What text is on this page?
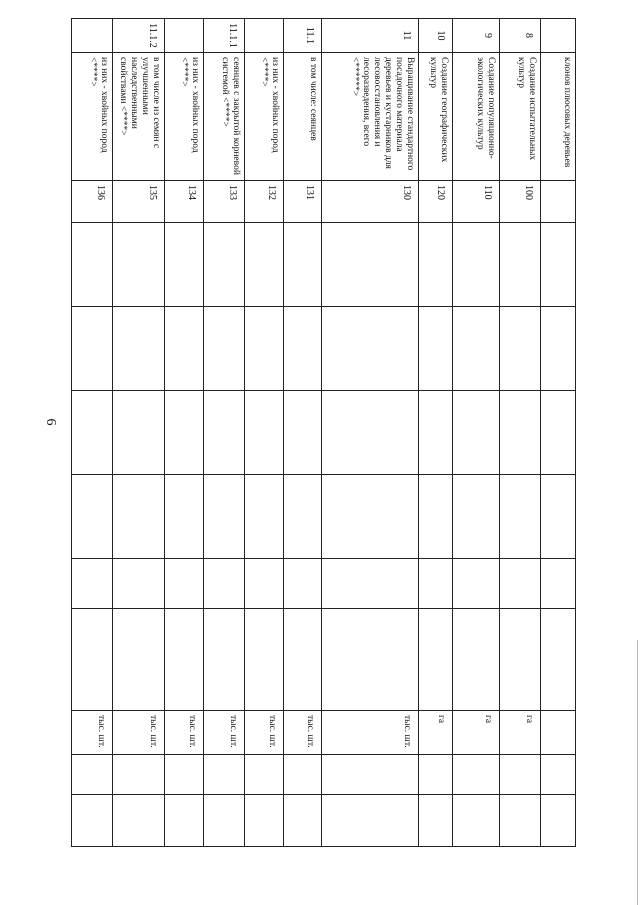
6
	клонов плюсовых деревьев										
8	Создание испытательных культур	100							га		
9	Создание популяционно-экологических культур	110							га		
10	Создание географических культур	120							га		
11	Выращивание стандартного посадочного материала деревьев и кустарников для лесовосстановления и лесоразведения, всего <******>	130							тыс. шт.		
11.1	в том числе: сеянцев	131							тыс. шт.		
	из них - хвойных пород <****>	132							тыс. шт.		
11.1.1	сеянцев с закрытой корневой системой <****>	133							тыс. шт.		
	из них - хвойных пород <****>	134							тыс. шт.		
11.1.2	в том числе из семян с улучшенными наследственными свойствами <****>	135							тыс. шт.		
	из них - хвойных пород <****>	136							тыс. шт.		
